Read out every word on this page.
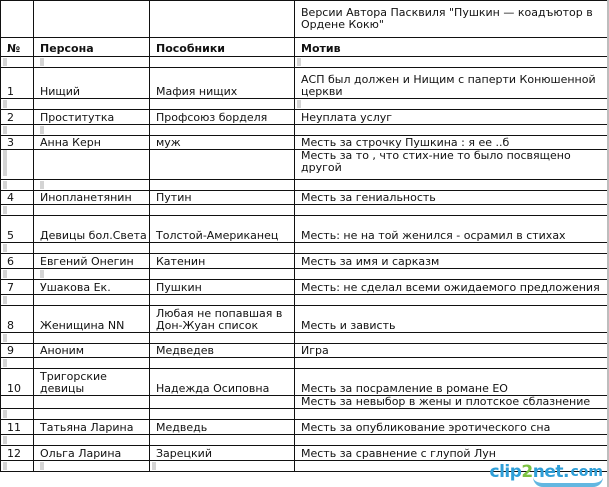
			Версии Автора Пасквиля "Пушкин — коадъютор в Ордене Кокю"
№	Персона	Пособники	Мотив

1	Нищий	Мафия нищих	АСП был должен и Нищим с паперти Конюшенной церкви

2	Проститутка	Профсоюз борделя	Неуплата услуг

3	Анна Керн	муж	Месть за строчку Пушкина : я ее ..б
			Месть за то , что стих-ние то было посвящено другой

4	Инопланетянин	Путин	Месть за гениальность

5	Девицы бол.Света	Толстой-Американец	Месть: не на той женился - осрамил в стихах

6	Евгений Онегин	Катенин	Месть за имя и сарказм

7	Ушакова Ек.	Пушкин	Месть: не сделал всеми ожидаемого предложения

8	Женищина NN	Любая не попавшая в Дон-Жуан список	Месть и зависть

9	Аноним	Медведев	Игра

10	Тригорские девицы	Надежда Осиповна	Месть за посрамление в романе ЕО
			Месть за невыбор в жены и плотское сблазнение

11	Татьяна Ларина	Медведь	Месть за опубликование эротического сна

12	Ольга Ларина	Зарецкий	Месть за сравнение с глупой Лун

clip2net . com
